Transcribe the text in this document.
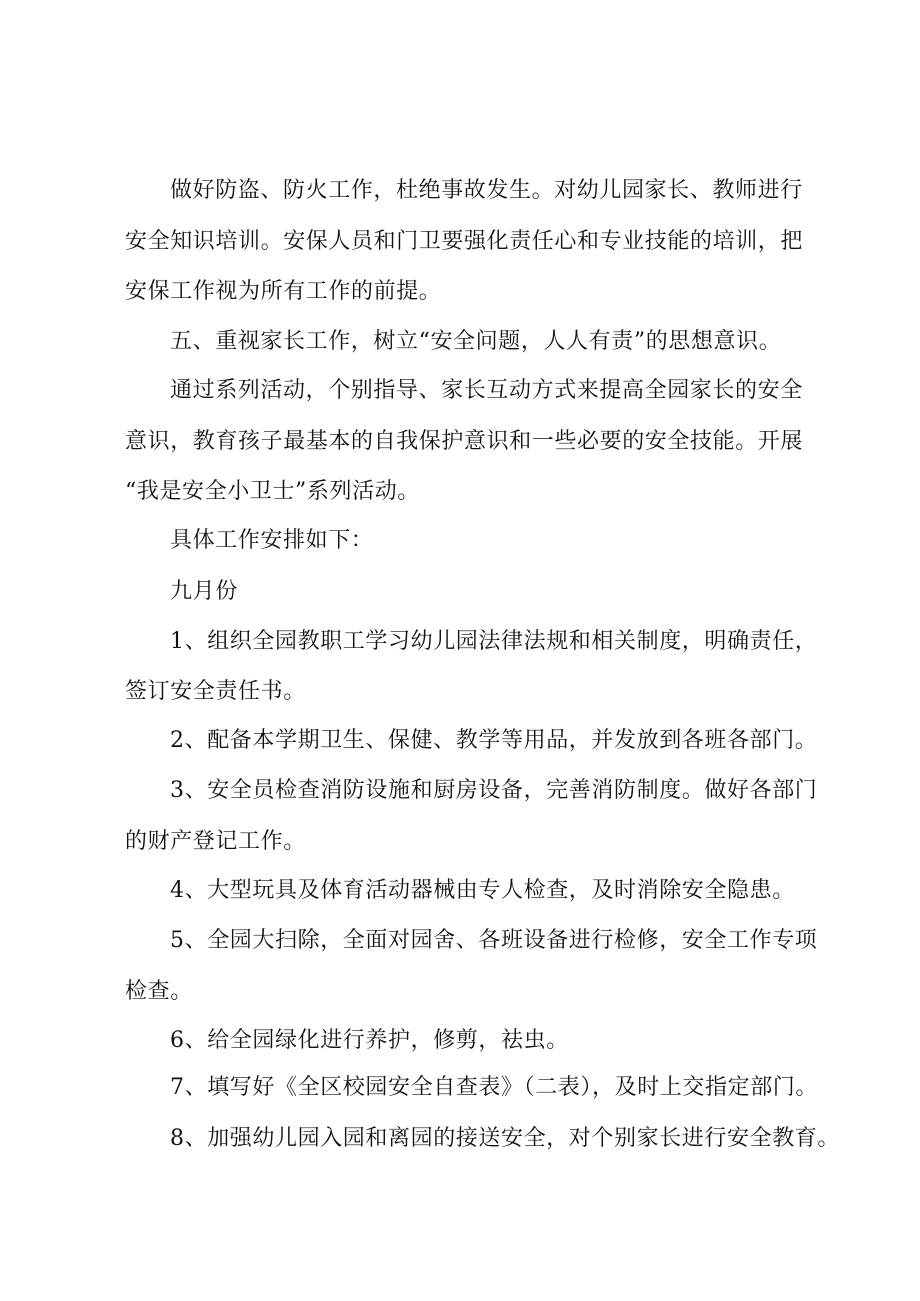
做好防盗、防火工作，杜绝事故发生。对幼儿园家长、教师进行
安全知识培训。安保人员和门卫要强化责任心和专业技能的培训，把
安保工作视为所有工作的前提。
五、重视家长工作，树立“安全问题，人人有责”的思想意识。
通过系列活动，个别指导、家长互动方式来提高全园家长的安全
意识，教育孩子最基本的自我保护意识和一些必要的安全技能。开展
“我是安全小卫士”系列活动。
具体工作安排如下：
九月份
1、组织全园教职工学习幼儿园法律法规和相关制度，明确责任，
签订安全责任书。
2、配备本学期卫生、保健、教学等用品，并发放到各班各部门。
3、安全员检查消防设施和厨房设备，完善消防制度。做好各部门
的财产登记工作。
4、大型玩具及体育活动器械由专人检查，及时消除安全隐患。
5、全园大扫除，全面对园舍、各班设备进行检修，安全工作专项
检查。
6、给全园绿化进行养护，修剪，祛虫。
7、填写好《全区校园安全自查表》（二表），及时上交指定部门。
8、加强幼儿园入园和离园的接送安全，对个别家长进行安全教育。
